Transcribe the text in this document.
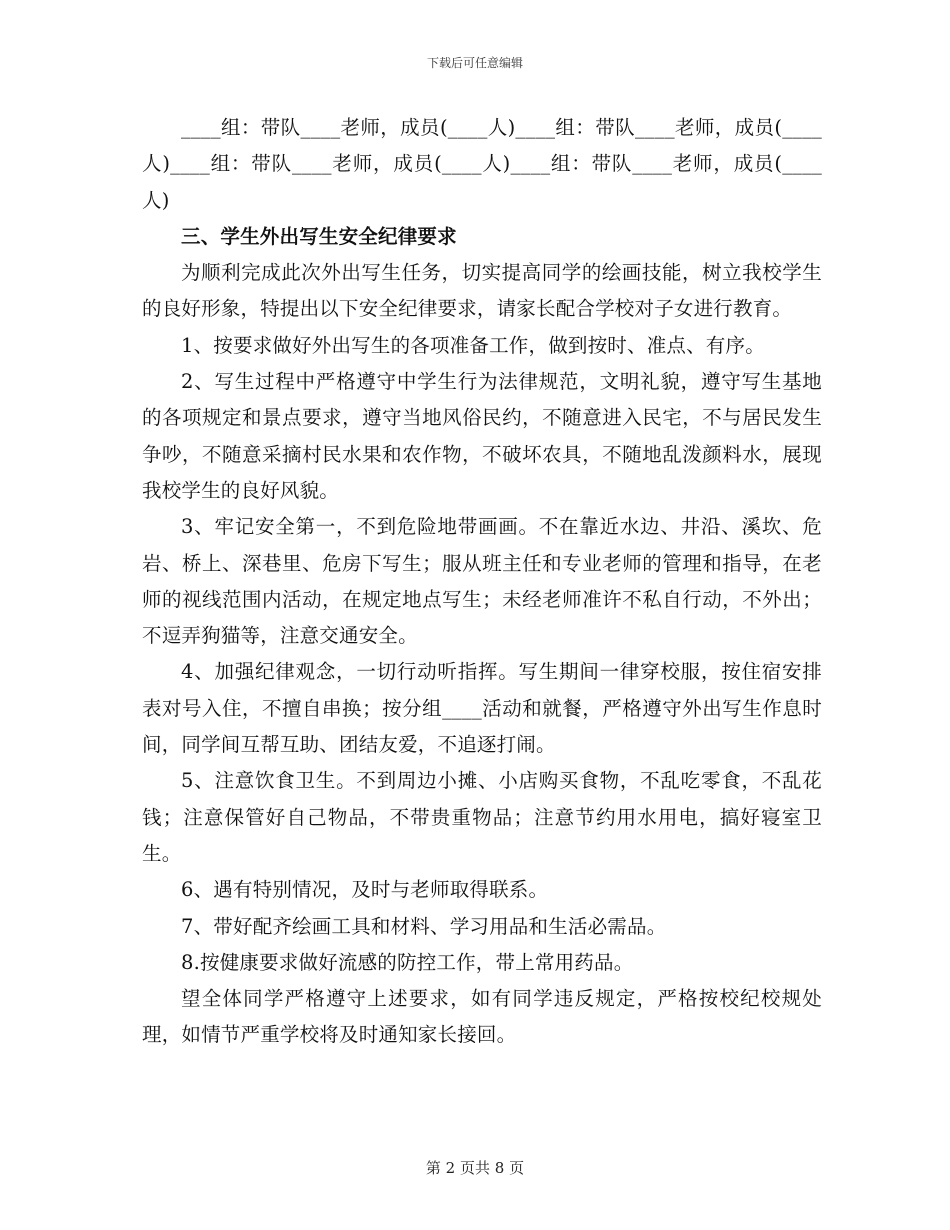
下载后可任意编辑

____组：带队____老师，成员(____人)____组：带队____老师，成员(____人)____组：带队____老师，成员(____人)____组：带队____老师，成员(____人)

三、学生外出写生安全纪律要求

为顺利完成此次外出写生任务，切实提高同学的绘画技能，树立我校学生的良好形象，特提出以下安全纪律要求，请家长配合学校对子女进行教育。

1、按要求做好外出写生的各项准备工作，做到按时、准点、有序。

2、写生过程中严格遵守中学生行为法律规范，文明礼貌，遵守写生基地的各项规定和景点要求，遵守当地风俗民约，不随意进入民宅，不与居民发生争吵，不随意采摘村民水果和农作物，不破坏农具，不随地乱泼颜料水，展现我校学生的良好风貌。

3、牢记安全第一，不到危险地带画画。不在靠近水边、井沿、溪坎、危岩、桥上、深巷里、危房下写生；服从班主任和专业老师的管理和指导，在老师的视线范围内活动，在规定地点写生；未经老师准许不私自行动，不外出；不逗弄狗猫等，注意交通安全。

4、加强纪律观念，一切行动听指挥。写生期间一律穿校服，按住宿安排表对号入住，不擅自串换；按分组____活动和就餐，严格遵守外出写生作息时间，同学间互帮互助、团结友爱，不追逐打闹。

5、注意饮食卫生。不到周边小摊、小店购买食物，不乱吃零食，不乱花钱；注意保管好自己物品，不带贵重物品；注意节约用水用电，搞好寝室卫生。

6、遇有特别情况，及时与老师取得联系。

7、带好配齐绘画工具和材料、学习用品和生活必需品。

8.按健康要求做好流感的防控工作，带上常用药品。

望全体同学严格遵守上述要求，如有同学违反规定，严格按校纪校规处理，如情节严重学校将及时通知家长接回。

第 2 页共 8 页
